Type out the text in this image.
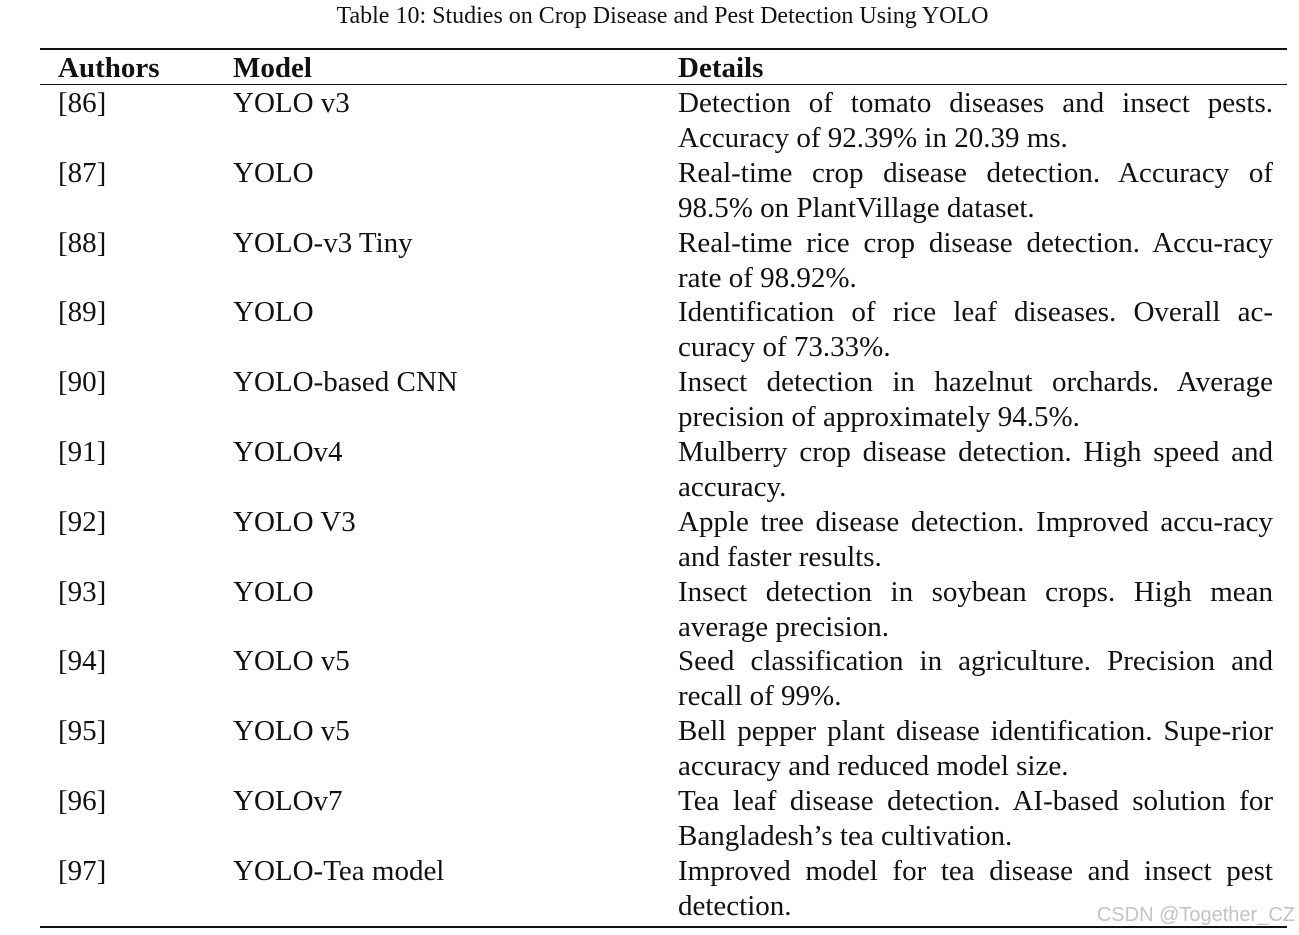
Table 10: Studies on Crop Disease and Pest Detection Using YOLO
Authors	Model	Details
[86]	YOLO v3	Detection of tomato diseases and insect pests. Accuracy of 92.39% in 20.39 ms.
[87]	YOLO	Real-time crop disease detection. Accuracy of 98.5% on PlantVillage dataset.
[88]	YOLO-v3 Tiny	Real-time rice crop disease detection. Accu-racy rate of 98.92%.
[89]	YOLO	Identification of rice leaf diseases. Overall ac-curacy of 73.33%.
[90]	YOLO-based CNN	Insect detection in hazelnut orchards. Average precision of approximately 94.5%.
[91]	YOLOv4	Mulberry crop disease detection. High speed and accuracy.
[92]	YOLO V3	Apple tree disease detection. Improved accu-racy and faster results.
[93]	YOLO	Insect detection in soybean crops. High mean average precision.
[94]	YOLO v5	Seed classification in agriculture. Precision and recall of 99%.
[95]	YOLO v5	Bell pepper plant disease identification. Supe-rior accuracy and reduced model size.
[96]	YOLOv7	Tea leaf disease detection. AI-based solution for Bangladesh’s tea cultivation.
[97]	YOLO-Tea model	Improved model for tea disease and insect pest detection.	CSDN @Together_CZ
